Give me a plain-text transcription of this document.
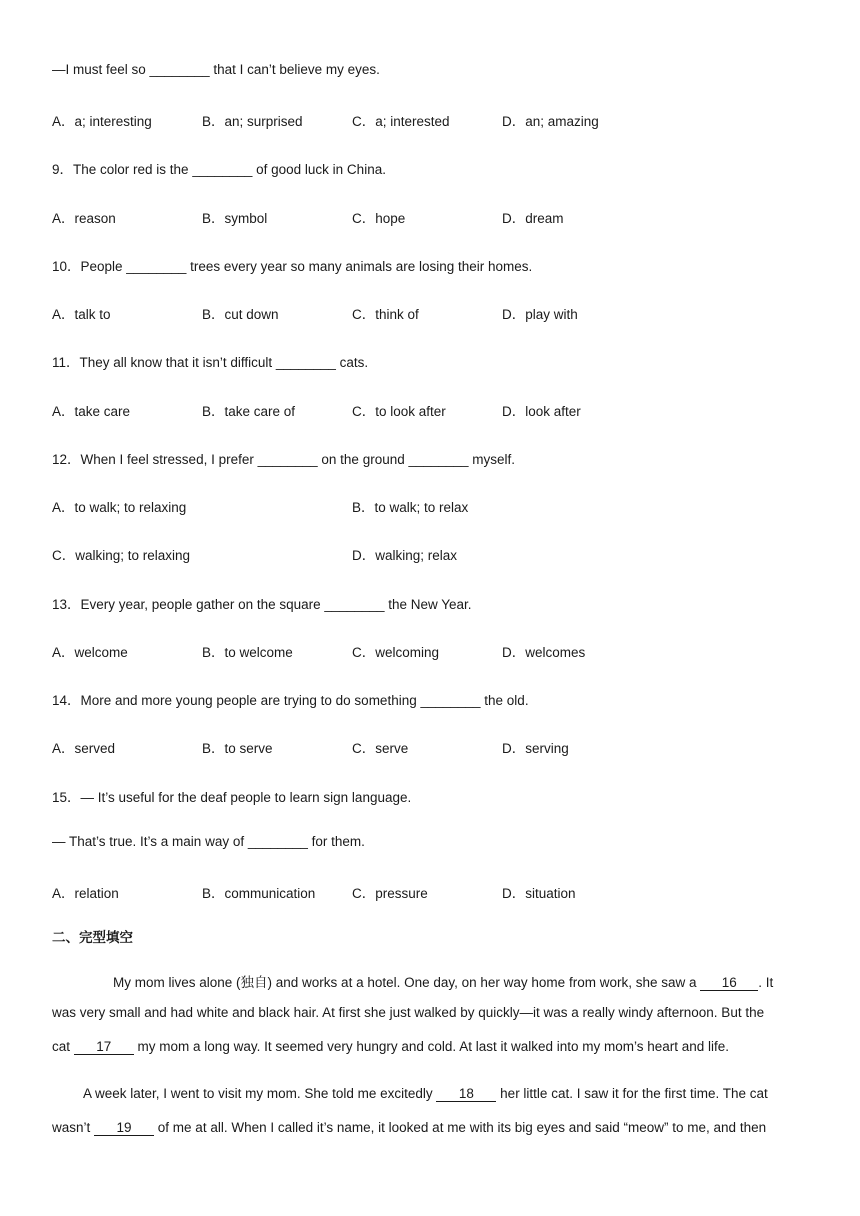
—I must feel so ________ that I can’t believe my eyes.
A．a; interesting	B．an; surprised	C．a; interested	D．an; amazing
9．The color red is the ________ of good luck in China.
A．reason	B．symbol	C．hope	D．dream
10．People ________ trees every year so many animals are losing their homes.
A．talk to	B．cut down	C．think of	D．play with
11．They all know that it isn’t difficult ________ cats.
A．take care	B．take care of	C．to look after	D．look after
12．When I feel stressed, I prefer ________ on the ground ________ myself.
A．to walk; to relaxing	B．to walk; to relax
C．walking; to relaxing	D．walking; relax
13．Every year, people gather on the square ________ the New Year.
A．welcome	B．to welcome	C．welcoming	D．welcomes
14．More and more young people are trying to do something ________ the old.
A．served	B．to serve	C．serve	D．serving
15．— It’s useful for the deaf people to learn sign language.
— That’s true. It’s a main way of ________ for them.
A．relation	B．communication	C．pressure	D．situation
二、完型填空
My mom lives alone (独自) and works at a hotel. One day, on her way home from work, she saw a 16 . It
was very small and had white and black hair. At first she just walked by quickly—it was a really windy afternoon. But the
cat 17 my mom a long way. It seemed very hungry and cold. At last it walked into my mom’s heart and life.
A week later, I went to visit my mom. She told me excitedly 18 her little cat. I saw it for the first time. The cat
wasn’t 19 of me at all. When I called it’s name, it looked at me with its big eyes and said “meow” to me, and then
